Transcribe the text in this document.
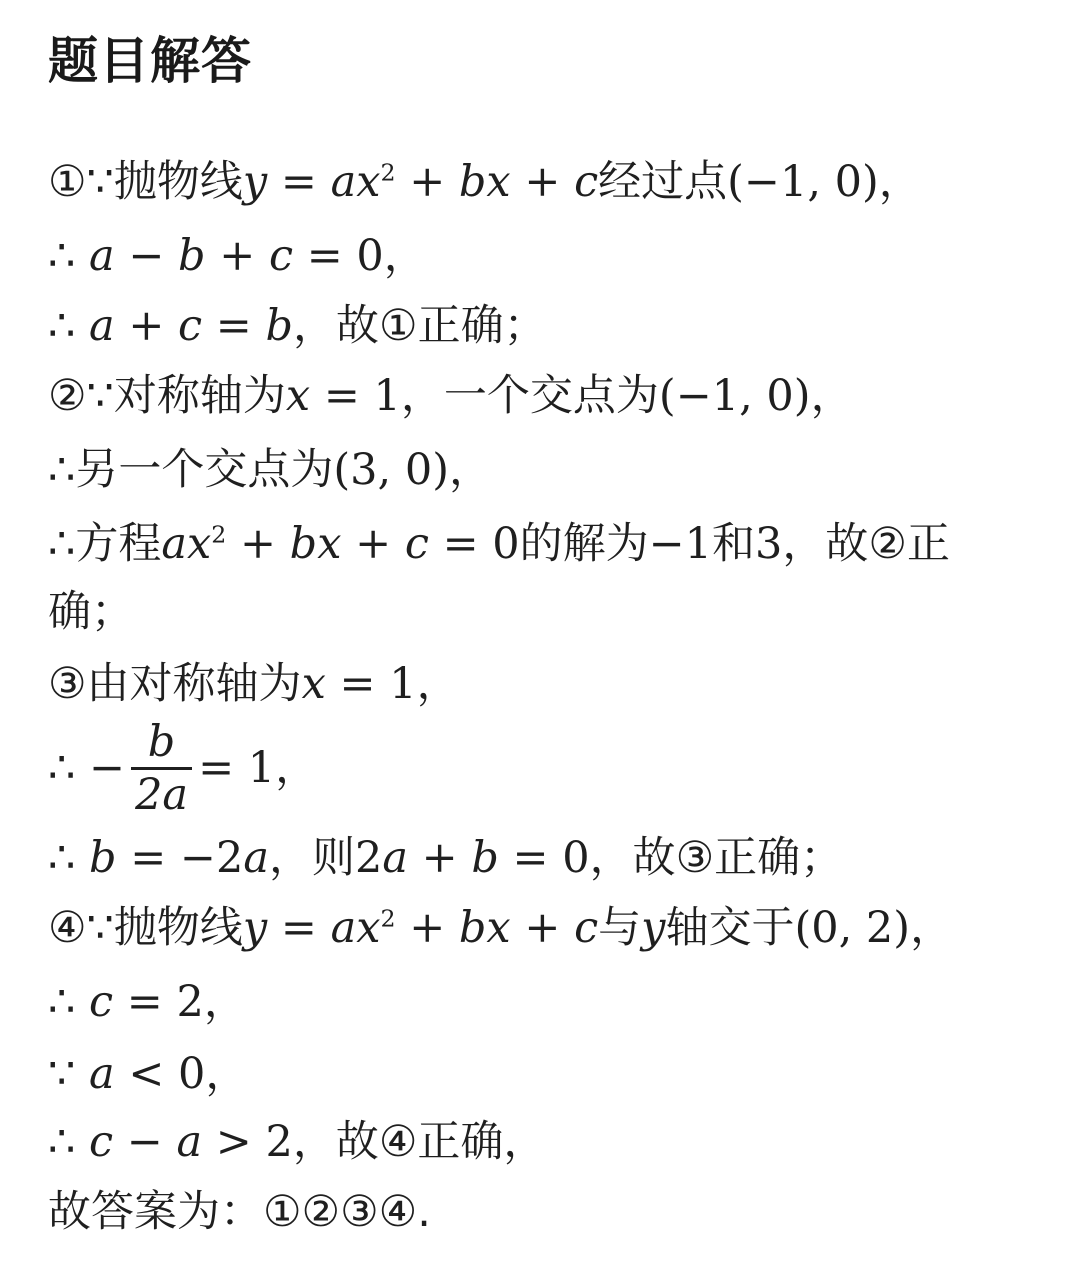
题目解答
①∵抛物线$y = ax^2$ + bx + c经过点(−1, 0)，
∴ a − b + c = 0，
∴ a + c = b，故①正确；
②∵对称轴为x = 1，一个交点为(−1, 0)，
∴另一个交点为(3, 0)，
∴方程$ax^2$ + bx + c = 0的解为−1和3，故②正
确；
③由对称轴为x = 1，
∴ − $\frac{b}{2a} = 1$，
∴ b = −2a，则2a + b = 0，故③正确；
④∵抛物线$y = ax^2$ + bx + c与y轴交于(0, 2)，
∴ c = 2，
∵ a < 0，
∴ c − a > 2，故④正确，
故答案为：①②③④.
